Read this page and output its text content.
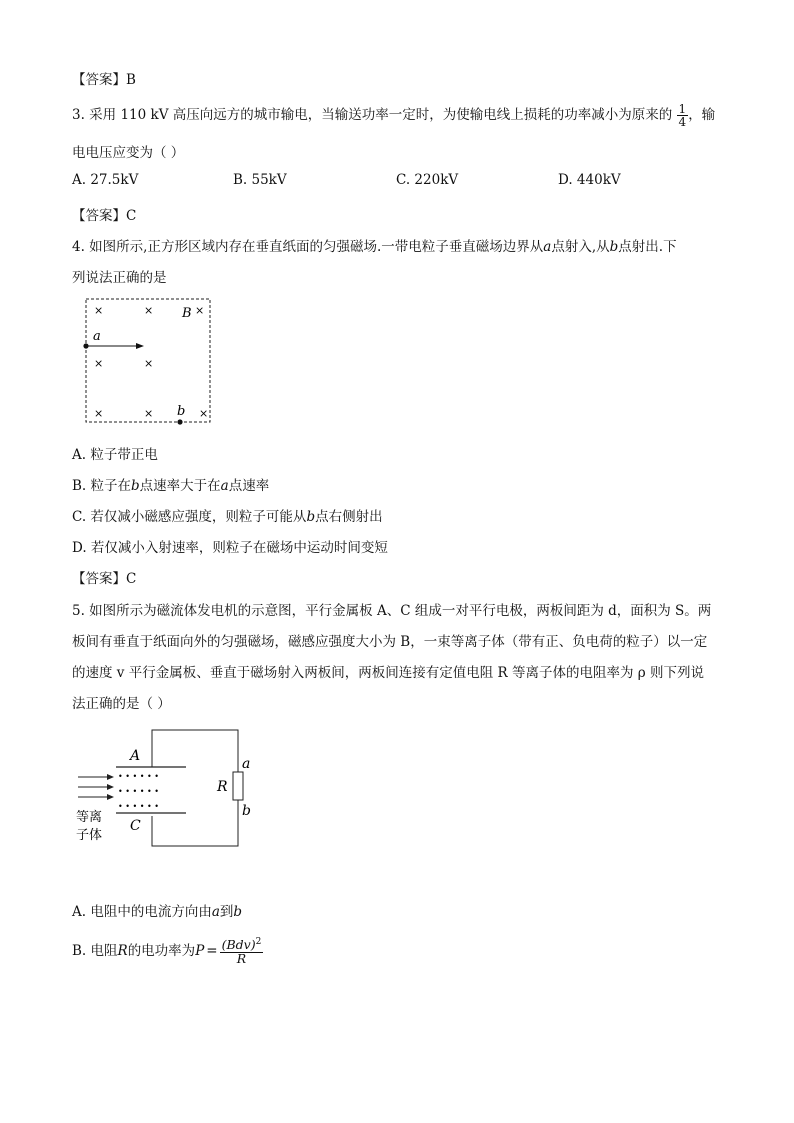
【答案】B
3. 采用 110 kV 高压向远方的城市输电，当输送功率一定时，为使输电线上损耗的功率减小为原来的 $\frac{1}{4}$ ，输
电电压应变为（ ）
A. 27.5kV	B. 55kV	C. 220kV	D. 440kV
【答案】C
4. 如图所示,正方形区域内存在垂直纸面的匀强磁场.一带电粒子垂直磁场边界从a点射入,从b点射出.下
列说法正确的是
×	×	×
B
a
×	×
×	×	×
b
A. 粒子带正电
B. 粒子在b点速率大于在a点速率
C. 若仅减小磁感应强度，则粒子可能从b点右侧射出
D. 若仅减小入射速率，则粒子在磁场中运动时间变短
【答案】C
5. 如图所示为磁流体发电机的示意图，平行金属板 A、C 组成一对平行电极，两板间距为 d，面积为 S。两
板间有垂直于纸面向外的匀强磁场，磁感应强度大小为 B，一束等离子体（带有正、负电荷的粒子）以一定
的速度 v 平行金属板、垂直于磁场射入两板间，两板间连接有定值电阻 R 等离子体的电阻率为 ρ 则下列说
法正确的是（ ）
A
C
R
a
b
• • • • • •
• • • • • •
• • • • • •
等离
子体
A. 电阻中的电流方向由a到b
B. 电阻R的电功率为$P = \frac{(Bdv)^2}{R}$
